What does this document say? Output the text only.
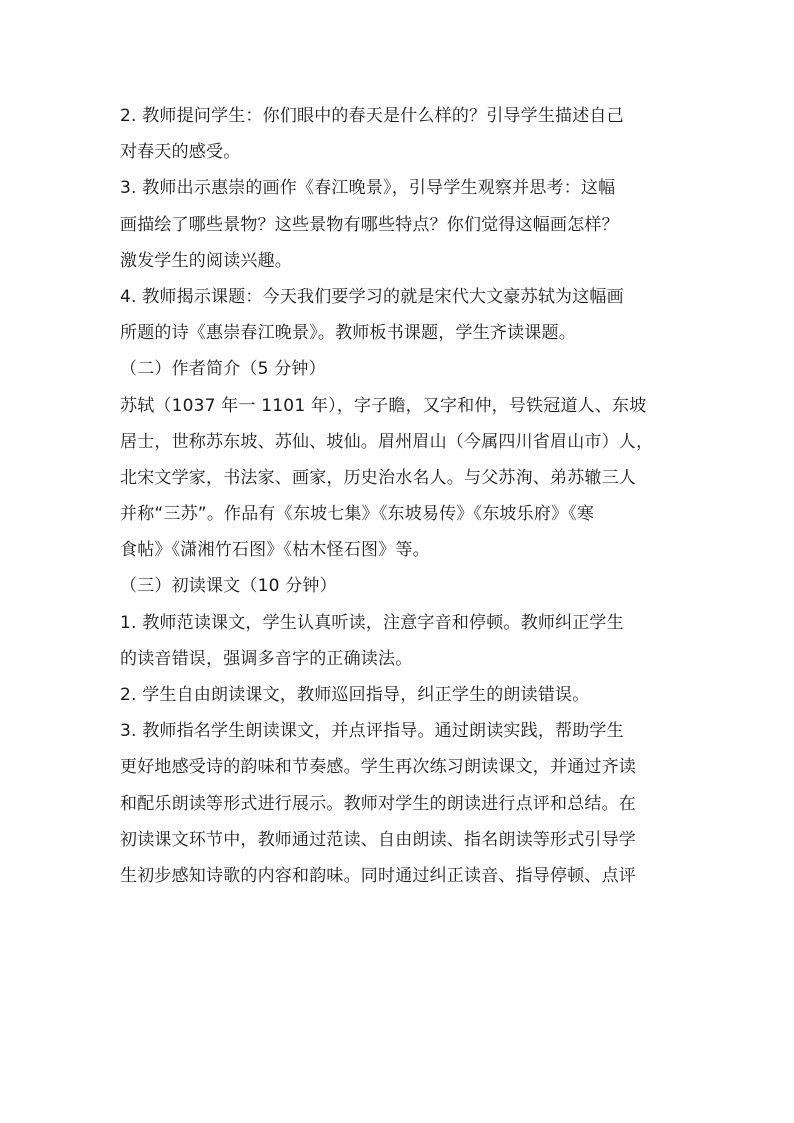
2. 教师提问学生：你们眼中的春天是什么样的？引导学生描述自己
对春天的感受。
3. 教师出示惠崇的画作《春江晚景》，引导学生观察并思考：这幅
画描绘了哪些景物？这些景物有哪些特点？你们觉得这幅画怎样？
激发学生的阅读兴趣。
4. 教师揭示课题：今天我们要学习的就是宋代大文豪苏轼为这幅画
所题的诗《惠崇春江晚景》。教师板书课题，学生齐读课题。
（二）作者简介（5 分钟）
苏轼（1037 年一 1101 年），字子瞻，又字和仲，号铁冠道人、东坡
居士，世称苏东坡、苏仙、坡仙。眉州眉山（今属四川省眉山市）人，
北宋文学家，书法家、画家，历史治水名人。与父苏洵、弟苏辙三人
并称“三苏”。作品有《东坡七集》《东坡易传》《东坡乐府》《寒
食帖》《潇湘竹石图》《枯木怪石图》等。
（三）初读课文（10 分钟）
1. 教师范读课文，学生认真听读，注意字音和停顿。教师纠正学生
的读音错误，强调多音字的正确读法。
2. 学生自由朗读课文，教师巡回指导，纠正学生的朗读错误。
3. 教师指名学生朗读课文，并点评指导。通过朗读实践，帮助学生
更好地感受诗的韵味和节奏感。学生再次练习朗读课文，并通过齐读
和配乐朗读等形式进行展示。教师对学生的朗读进行点评和总结。在
初读课文环节中，教师通过范读、自由朗读、指名朗读等形式引导学
生初步感知诗歌的内容和韵味。同时通过纠正读音、指导停顿、点评
